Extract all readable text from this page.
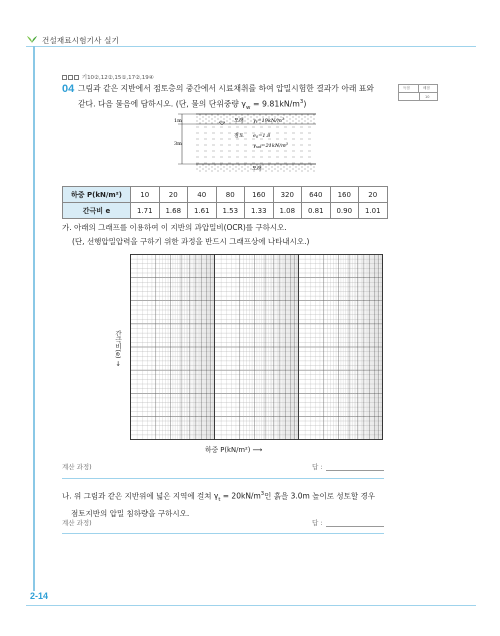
건설재료시험기사 실기
기10②,12②,15①,17②,19④
04 그림과 같은 지반에서 점토층의 중간에서 시료채취를 하여 압밀시험한 결과가 아래 표와
같다. 다음 물음에 답하시오. (단, 물의 단위중량 $\gamma_w = 9.81kN/m^3$)
득점	배점
10
1m
3m
모래 $\gamma_t=19kN/m^3$
점토 $e_0=1.8$
$\gamma_{sat}=21kN/m^3$
모래
하중 P(kN/m²)	10	20	40	80	160	320	640	160	20
간극비 e	1.71	1.68	1.61	1.53	1.33	1.08	0.81	0.90	1.01
가. 아래의 그래프를 이용하여 이 지반의 과압밀비(OCR)를 구하시오.
(단, 선행압밀압력을 구하기 위한 과정을 반드시 그래프상에 나타내시오.)
간극비(e) →
하중 P(kN/m²) ⟶
계산 과정)	답 :
나. 위 그림과 같은 지반위에 넓은 지역에 걸쳐 $\gamma_t = 20kN/m^3$인 흙을 3.0m 높이로 성토할 경우
점토지반의 압밀 침하량을 구하시오.
계산 과정)	답 :
2-14
